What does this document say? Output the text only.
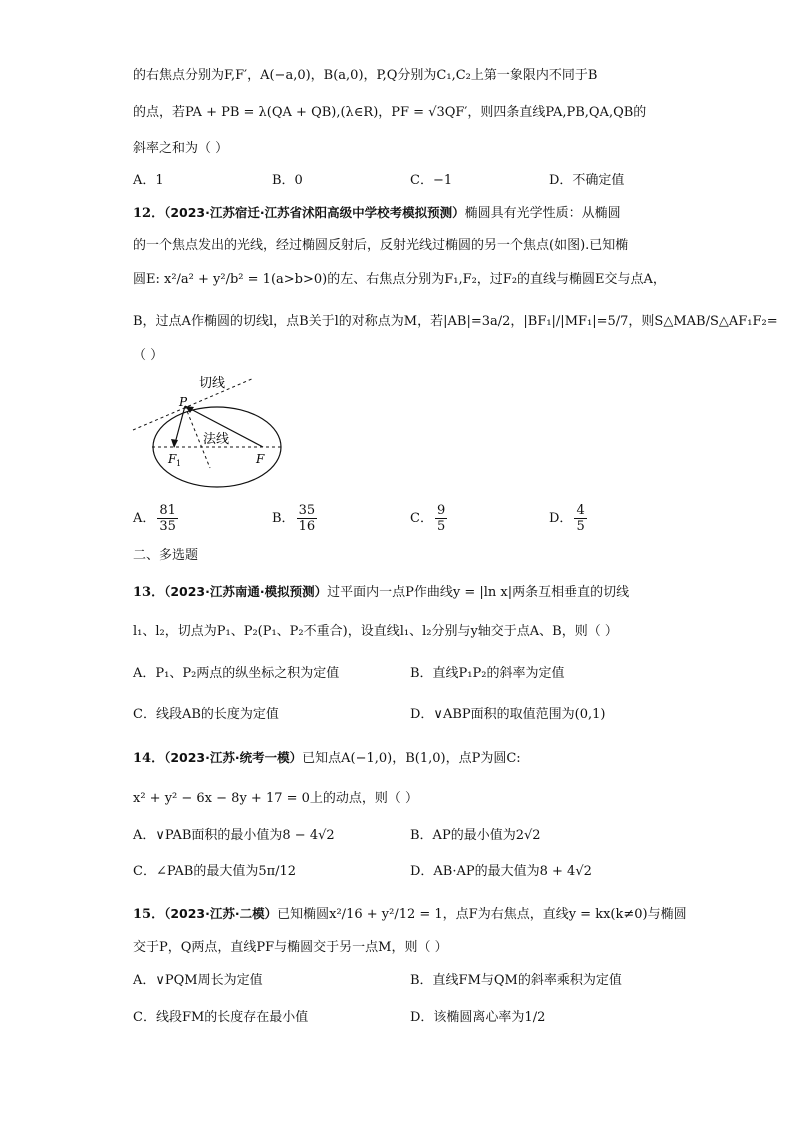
的右焦点分别为F,F′，A(−a,0)，B(a,0)，P,Q分别为C₁,C₂上第一象限内不同于B
的点，若PA + PB = λ(QA + QB),(λ∈R)，PF = √3QF′，则四条直线PA,PB,QA,QB的
斜率之和为（ ）
A．1	B．0	C．−1	D．不确定值
12．（2023·江苏宿迁·江苏省沭阳高级中学校考模拟预测）椭圆具有光学性质：从椭圆
的一个焦点发出的光线，经过椭圆反射后，反射光线过椭圆的另一个焦点(如图).已知椭
圆E: x²/a² + y²/b² = 1(a>b>0)的左、右焦点分别为F₁,F₂，过F₂的直线与椭圆E交与点A，
B，过点A作椭圆的切线l，点B关于l的对称点为M，若|AB|=3a/2，|BF₁|/|MF₁|=5/7，则S△MAB/S△AF₁F₂=
（ ）
切线
法线
P
F 1	F
A． $\frac{81}{35}$	B． $\frac{35}{16}$	C． $\frac{9}{5}$	D． $\frac{4}{5}$
二、多选题
13．（2023·江苏南通·模拟预测）过平面内一点P作曲线y = |ln x|两条互相垂直的切线
l₁、l₂，切点为P₁、P₂(P₁、P₂不重合)，设直线l₁、l₂分别与y轴交于点A、B，则（ ）
A．P₁、P₂两点的纵坐标之积为定值	B．直线P₁P₂的斜率为定值
C．线段AB的长度为定值	D．∨ABP面积的取值范围为(0,1)
14．（2023·江苏·统考一模）已知点A(−1,0)，B(1,0)，点P为圆C:
x² + y² − 6x − 8y + 17 = 0上的动点，则（ ）
A．∨PAB面积的最小值为8 − 4√2	B．AP的最小值为2√2
C．∠PAB的最大值为5π/12	D．AB·AP的最大值为8 + 4√2
15．（2023·江苏·二模）已知椭圆x²/16 + y²/12 = 1，点F为右焦点，直线y = kx(k≠0)与椭圆
交于P，Q两点，直线PF与椭圆交于另一点M，则（ ）
A．∨PQM周长为定值	B．直线FM与QM的斜率乘积为定值
C．线段FM的长度存在最小值	D．该椭圆离心率为1/2
